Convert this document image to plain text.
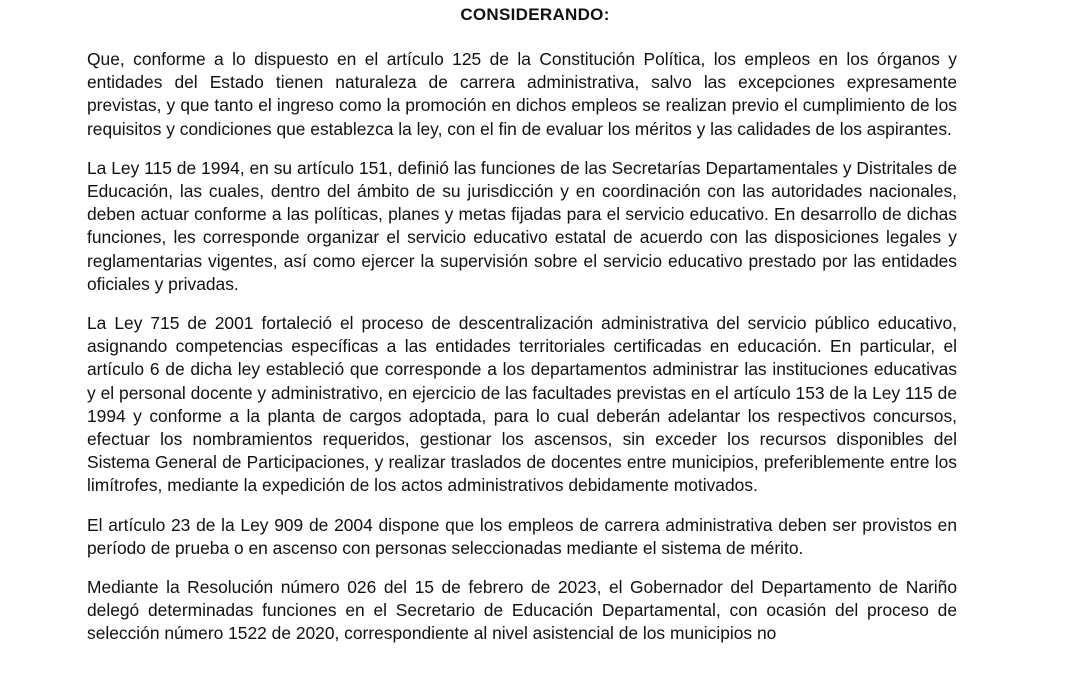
CONSIDERANDO:

Que, conforme a lo dispuesto en el artículo 125 de la Constitución Política, los empleos en los órganos y entidades del Estado tienen naturaleza de carrera administrativa, salvo las excepciones expresamente previstas, y que tanto el ingreso como la promoción en dichos empleos se realizan previo el cumplimiento de los requisitos y condiciones que establezca la ley, con el fin de evaluar los méritos y las calidades de los aspirantes.

La Ley 115 de 1994, en su artículo 151, definió las funciones de las Secretarías Departamentales y Distritales de Educación, las cuales, dentro del ámbito de su jurisdicción y en coordinación con las autoridades nacionales, deben actuar conforme a las políticas, planes y metas fijadas para el servicio educativo. En desarrollo de dichas funciones, les corresponde organizar el servicio educativo estatal de acuerdo con las disposiciones legales y reglamentarias vigentes, así como ejercer la supervisión sobre el servicio educativo prestado por las entidades oficiales y privadas.

La Ley 715 de 2001 fortaleció el proceso de descentralización administrativa del servicio público educativo, asignando competencias específicas a las entidades territoriales certificadas en educación. En particular, el artículo 6 de dicha ley estableció que corresponde a los departamentos administrar las instituciones educativas y el personal docente y administrativo, en ejercicio de las facultades previstas en el artículo 153 de la Ley 115 de 1994 y conforme a la planta de cargos adoptada, para lo cual deberán adelantar los respectivos concursos, efectuar los nombramientos requeridos, gestionar los ascensos, sin exceder los recursos disponibles del Sistema General de Participaciones, y realizar traslados de docentes entre municipios, preferiblemente entre los limítrofes, mediante la expedición de los actos administrativos debidamente motivados.

El artículo 23 de la Ley 909 de 2004 dispone que los empleos de carrera administrativa deben ser provistos en período de prueba o en ascenso con personas seleccionadas mediante el sistema de mérito.

Mediante la Resolución número 026 del 15 de febrero de 2023, el Gobernador del Departamento de Nariño delegó determinadas funciones en el Secretario de Educación Departamental, con ocasión del proceso de selección número 1522 de 2020, correspondiente al nivel asistencial de los municipios no
